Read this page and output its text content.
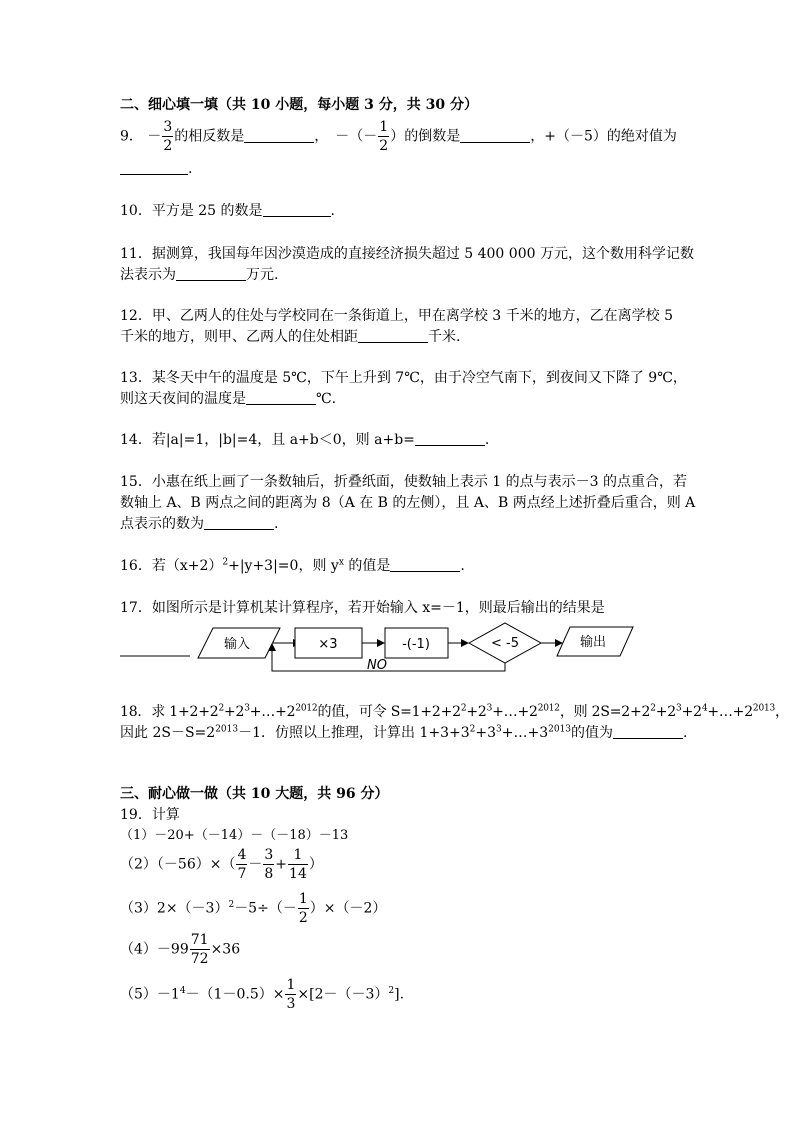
二、细心填一填（共 10 小题，每小题 3 分，共 30 分）
9． － $\frac{3}{2}$ 的相反数是	，　－（－ $\frac{1}{2}$ ）的倒数是	，+（－5）的绝对值为
.
10．平方是 25 的数是	.
11．据测算，我国每年因沙漠造成的直接经济损失超过 5 400 000 万元，这个数用科学记数
法表示为	万元.
12．甲、乙两人的住处与学校同在一条街道上，甲在离学校 3 千米的地方，乙在离学校 5
千米的地方，则甲、乙两人的住处相距	千米.
13．某冬天中午的温度是 5℃，下午上升到 7℃，由于冷空气南下，到夜间又下降了 9℃，
则这天夜间的温度是	℃.
14．若|a|=1，|b|=4，且 a+b＜0，则 a+b=	.
15．小惠在纸上画了一条数轴后，折叠纸面，使数轴上表示 1 的点与表示－3 的点重合，若
数轴上 A、B 两点之间的距离为 8（A 在 B 的左侧），且 A、B 两点经上述折叠后重合，则 A
点表示的数为	.
16．若$(x+2)^2+|y+3|=0$，则 $y^x$ 的值是	.
17．如图所示是计算机某计算程序，若开始输入 x=－1，则最后输出的结果是
输入	×3	-(-1)	< -5	输出
NO
18．求 $1+2+2^2+2^3+\dots+2^{2012}$的值，可令 $S=1+2+2^2+2^3+\dots+2^{2012}$，则 $2S=2+2^2+2^3+2^4+\dots+2^{2013}$，
因此 $2S-S=2^{2013}-1$．仿照以上推理，计算出 $1+3+3^2+3^3+\dots+3^{2013}$的值为	.
三、耐心做一做（共 10 大题，共 96 分）
19．计算
（1）－20+（－14）－（－18）－13
$(2)(-56)\times( \frac{4}{7} - \frac{3}{8} + \frac{1}{14}$ ）
$(3)2\times(-3)^2-5\div(- \frac{1}{2} )\times(-2)$
$(4)-99 \frac{71}{72} \times 36$
$(5)-1^4-(1-0.5)\times \frac{1}{3} \times[2-(-3)^2]$.
